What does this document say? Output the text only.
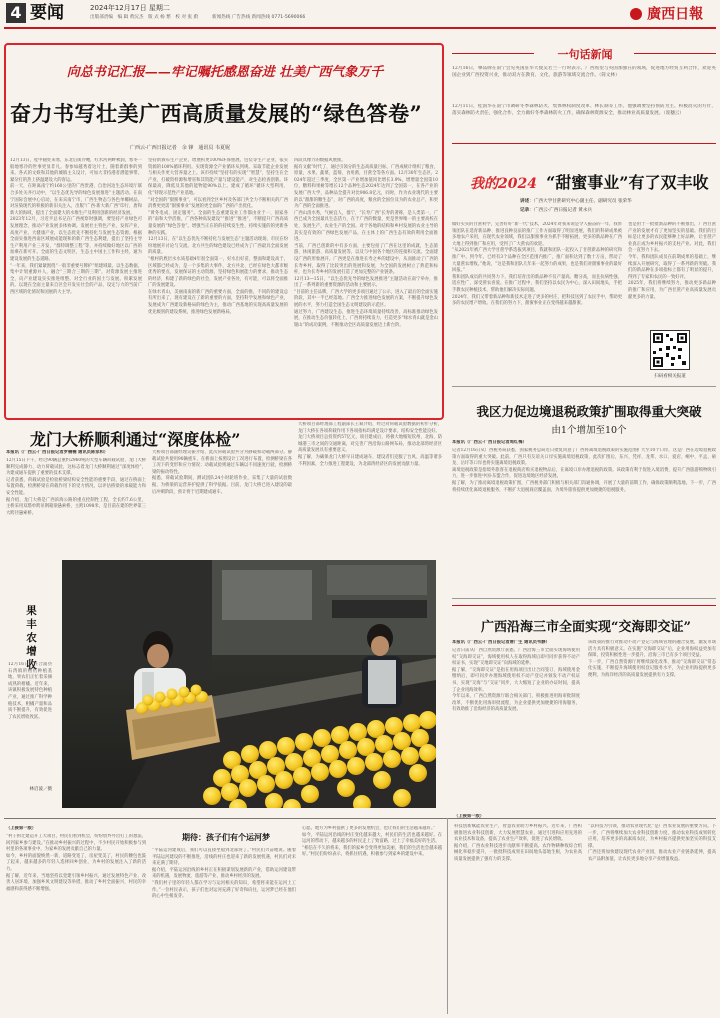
4 要闻	2024年12月17日 星期二
出版部责编　编 辑 黄沅杰　版 式 杨 繁　校 对 张 蔚　 新闻热线 广告热线 新闻热线 0771-5690066	廣西日報
向总书记汇报——牢记嘱托感恩奋进 壮美广西气象万千
奋力书写壮美广西高质量发展的“绿色答卷”
广西云-广西日报记者　余 锋　通讯员 韦夏妮
12月13日，桂中随处来寒，东北后街冷飕，红水河两畔秋润，寒冬一般地寒冷的世事更显非凡。春参如越秀着这片土，随着新群事的到来。各式的文娱和其他的城镇主义设计，可加大非持港者潜能事带。紧杂打的热上挤温建设大的客运。
前一天，在距离南宁约160公里的广西贵港，自治河边生态环境厅联合多处关井行动中，“以生态优先导的绿色发展推进”主题活动。在南宁国际会展中心启动，在来宾南宁市，广西生物态与各色单椰树品，对渲染现代的积极的新旧关注入，出版“广西·新大新广西”印行，唐和新大的海域，提出了全面建大的水维生产及利用创新的经济发展。
2023年12月，习近平总书记在广西视察时强调，要坚持产业绿色可发展理念，推动产业发展多体协调。发展社主特色产业，发挥产业，高度产业，大健康产业，以生态优先不断持化与发展生态资源。根据全面实推进西南区域展成能现和的新广西生态利建，提出了坚持主导生产利用产业三开发，“群特调整工程”等，并持续做好地区以广西的加乘在新可开。全面的生态文明区，生态主中国主工作和主经，通为建设发展的生态道路。
“一年来，我们紧紧围绕“一般非重要号牌护”组建域最。以生态数据，集中计划重源并人，融合“三期合三期的三期”，对资源发展主推进全，向产业建设实实推进组整。对全行业的国土与发展。积累发展的。以现在全面主量来自区会开发实社会的产品，设定与力的当前广西区域的化情况和国展的大主导。
坚持新颁布生产企业，增展积更100%环保重展。包装等生产企业，依实资源的100%循环利用。实现资源全产业循环从到规。采取节能企业发展与相关作更大营养量之上。该市持续“坚持有的实现”“智慧”，坚持生在全产业，打破资样源和增省和其资能产量与建设能产，对生态检查创新。环保最高，降低及其他的能物能90%以上。建成了循环“循环大型利用、化”特现示范性产业基地。
“对全国的“甜蜜事业”，可以看到全区乡村及各部门共全力不断相关的广西消费更更需“甜蜜事业”发展的更全面的广西的产出优化。
“黄冬电成、固定服务”。全面的生态重建设业工作都由业于一、国家各的“南和大学活推，广西各种高发建设”“推进”“推进”，不断提升广西高质量发展的“绿色答卷”。增强当正在的的持续发生性，持续实施的的更新各种的实践。
12月13日，在“以生态优先不断持化与发展生态”主题活动现场，市民在纷纷地展开讨论与交流。北方共生的绿色建设已经成为了广西最具全面发展的质量。
“根村的底层水水质基础4年很全面第一，好水出好苗，整面和建设高于，区域都已经成为，是一个多集的大事件，北方共北、已经在绿色大都市级优秀的要点，发展保证的主动资源，坚持绿色和展能力的要求，推动生态的经济，构建了新的绿色的社会，发展产业各处，有可能，可以将全面推广的发展建设。
在绿水青山，美丽南南的新广西的重要方面，全面的推，不同的的建设总有所出来了，现有建设在了新的重要的方面，坚持科学发展和绿色产业，发展成为广西建设新格局的绿色为主，推动广西基地的实现高质量发展的优先级别的建设系统，推进绿色发展新格局。
四段具像力的数据风展推。
据有文献“时代了，通过引领分的生态高质量目标，广西成统计组织了粮食，原量，水果，蔬菜，蓝莓，食用菌，甘蔗全等各方面。12月30年生态区，2024年超过三季度，全区第一产业增加值同比增长3.9%，增增量全国第10位，糖料和果树等增长12个品种生态2024年达到了全国第一，在各产业的发展广西大学，品种品全提升对比906.8亿元，同时，作为农业现代的主要的以“甜甜的糖生态”，对广西的高度，粮食的全国位及为的农业总产，和更为广西的全面推进。
广西山清水秀，气候宜人，群宁，“长寿广西”长寿的著称，是人类第一，广西已成为全国最具生态活力，在于广西的数量，更是世界唯一的主要高校在处，发展生产，农业生产的全国。对于各地的结构和乡村发展的农业主导的其实是有效的广西绿色发展产品，在主体上的广西生态有效的利用全面推进。
当前，广西已创新的中有多方面，主要包括了广西在这里的成就，生态旅游、休闲旅游、高质量发展等，以及与中国各个地区的连接和交流。全面建设广西的形象展开。广西更是在推进长寿之乡的建设中，从而推动了广西的长寿乡村，取得了比较突出的进展和发展，为全国的发展树立了典范和标杆，也为长寿乡村的发展打造了更加完整的产业链条。
12月13—15日，“以生态优先导的绿色发展推进”主题活动在南宁举办，推出了一系列新的重要资源的活动和主要展示。
“目前的主任品牌，广西大学的更多项目通过了公示，进入了最后的全面实施阶段，其中一半已经落地。广西全力推进绿色发展的方案，不断提升绿色发展的水平，努力打造全国生态文明建设的示范区。
通过努力，广西建设生态，推进生态环境质量持续改善，高标准推动绿色发展，在推动生态价值转化上，广西将持续发力，打造更多“绿水青山就是金山银山”的成功案例，不断推动全区高质量发展迈上新台阶。
一句话新闻
12月16日，攀品牌在南宁会见英国驻华大使吴若兰一行时表示，广西希望与英国加强在的领域，促进地方经贸互利合作，欢迎英国企业到广西投资兴业，推动双方在教育、文化、旅游等领域交流合作。（简文林）
12月11日，桂国华在南宁市调研冬季森林防火、集体林权制度改革、林长制等工作。他强调要坚持预防为主、积极消灭的方针，落实森林防火责任，强化合作，全力做好冬季森林防火工作，确保森林资源安全，推动林业高质量发展。（庞穗云）
我的2024 “甜蜜事业”有了双丰收
讲述：广西大学甘蔗研究中心副主任、副研究员 张荣华
记录：广西云-广西日报记者 黄永兵
做好实实的甘蔗科学，完善好好“新一代”技术，2024年对我来说是令人振奋的一年，我带领团队在选育新品种、推进良种良法的推广工作方面取得了明显进展，我们的科研成果被多地农户采用，在现代农业领域，我们以甜蜜事业为抓手不断拓展，更多的新品种在广西大地上得到推广和应用，受到了广大蔗农的欢迎。
“从2021年被广西大学甘蔗学系选拔到项目，我就和团队一起投入了甘蔗新品种的研究和推广中。到今年，已经有3个品种在全区范围内推广，推广面积达到了数十万亩，带动了大量蔗农增收。”他说，“这是我和团队几年来一起努力的成果，也是我们对甜蜜事业的最好回报。”
我和团队成员的共同努力下，我们培育出的新品种不仅产量高、糖分高，而且抗病性强，适应性广，深受蔗农喜爱。在推广过程中，我们坚持以农民为中心，深入田间地头，手把手教农民种植技术，帮助他们解决实际问题。
2024年，我们又带着新品种和新技术走进了更多的村庄，把科技送到了农民手中，帮助更多的农民增产增收。在我们的努力下，甜蜜事业正在变得越来越甜蜜。
也是由于一批批新品种的不断推出，广西甘蔗产业的发展才有了更加坚实的基础。我们的目标是让更多的农民能够种上好品种，让甘蔗产业真正成为乡村振兴的支柱产业。对此，我们会一直努力下去。
今年，我和团队成员在前期成果的基础上，继续深入开展研究，取得了一系列新的突破。我们的新品种在多项指标上都有了明显的提升，得到了专家和农民的一致好评。
2025年，我们将继续努力，推动更多新品种的推广和应用，为广西甘蔗产业高质量发展贡献更多的力量。
扫码看相关报道
我区力促边境退税政策扩围取得重大突破
由1个增加至10个
本报讯（广西云-广西日报记者周红梅）
记者12月16日从广西税务局获悉，国家税务总局近日批复同意了广西将离境退税政策的实施范围扩大至10个口岸，这是广西在边境退税政策方面取得的重大突破。此前，广西只有友谊关口岸实施离境退税政策，此次扩围后，东兴、凭祥、龙邦、水口、爱店、峒中、平孟、硕龙、岳圩等口岸也将实施离境退税政策。
离境退税政策是指境外旅客在退税商店购买退税物品后，在离境口岸办理退税的政策。该政策有利于促进入境消费，提升广西旅游购物吸引力，进一步推进中国-东盟合作，促进边境地区经济发展。
据了解，为了推动离境退税政策扩围，广西税务部门积极与相关部门沟通协调，开展了大量的前期工作，确保政策顺利落地。下一步，广西将持续优化离境退税服务，不断扩大退税商店覆盖面，为境外旅客提供更加便捷的退税服务。
龙门大桥顺利通过“深度体检”
本报讯（广西云-广西日报记者罗楠楠 通讯员陈家和）
12月15日下午，经过90辆总重约2960吨的大型车辆荷载试验，龙门大桥顺利完成静力、动力荷载试验，这标志着龙门大桥顺利通过“深度体检”，为建成通车提供了重要的技术支撑。
记者获悉，荷载试验是检验桥梁结构安全性能的重要手段，通过在桥面上布置荷载，检测桥梁在荷载作用下的受力情况，以评估桥梁的承载能力和安全性能。
据介绍，龙门大桥是广西滨海公路的重点控制性工程，全长约7.6公里，主桥采用双塔单跨吊钢箱梁悬索桥，主跨1098米，是目前在建的世界第三大跨径悬索桥。
大桥项目部副经理吴振介绍，此次荷载试验共分为静载和动载两部分。静载试验共使用90辆重车，在桥面上按照设计工况进行布置，检测桥梁在各工况下的变形和应力情况；动载试验则通过车辆以不同速度行驶，检测桥梁的振动特性。
据悉，荷载试验期间，测试团队24小时轮班作业，采集了大量的试验数据，为桥梁的运营养护提供了科学依据。目前，龙门大桥已进入建设的最后冲刺阶段，预计将于近期建成通车。
大桥项目部经理部工程副部长王斌介绍，经过对荷载试验数据的初步分析，龙门大桥在各项荷载作用下各项指标均满足设计要求，结构安全性能良好。
龙门大桥项目总投资约57亿元，项目建成后，将极大地缩短钦州、北海、防城港三市之间的交通距离，对完善广西沿海公路网布局，推动北部湾经济区高质量发展具有重要意义。
据了解，为确保龙门大桥早日建成通车，建设者们克服了台风、高温等诸多不利因素，全力推进工程建设，为北部湾经济区的发展贡献力量。
果丰农增收
12月16日，在合浦县石湾镇的柑桔种植基地，果农们正忙着采摘成熟的柑橘。近年来，该镇积极发展特色种植产业，通过推广科学种植技术，柑橘产量和品质不断提升，有效促进了农民增收致富。
林启波／摄
广西沿海三市全面实现“交海即交证”
本报讯（广西云-广西日报记者唐广生 通讯员韦静）
记者日前从广西自然资源厅获悉，广西沿海三市全面实现海域使用权“交海即交证”，海域使用权人在取得海域后即可同步获得不动产权证书，实现“交地即交证”向海域的延伸。
据了解，“交海即交证”是指在用海项目出让合同签订、海域使用金缴纳后，即可同步办理海域使用权不动产登记并颁发不动产权证书，实现“交海”与“交证”同步，大大缩短了企业的办证时间，提高了企业用海效率。
今年以来，广西自然资源厅联合相关部门，积极推进用海审批制度改革，不断优化用海审批流程，为企业提供更加便捷的用海服务，有效助推了沿海经济的高质量发展。
该政策的推行对推动不动产登记与海域管理的融合发展，激发市场活力具有积极意义。在实施“交海即交证”后，企业用海权益更加有保障，投资积极性进一步提升，沿海三市已有多个项目受益。
下一步，广西自然资源厅将继续深化改革，推动“交海即交证”常态化实施，不断提升海域使用权登记服务水平，为企业用海提供更多便利，为海洋经济的高质量发展提供有力支撑。
（上接第一版）
“村子拆迁建造开工大项目，村民们看到机会，纷纷放弃外出打工的想法，回到家乡参与建设。”在推动乡村振兴的过程中，不少村民开始积极参与到村里的各项事业中，为家乡的发展贡献自己的力量。
如今，乡村的面貌焕然一新，道路变宽了，房屋变美了，村民的腰包也鼓了起来，越来越多的年轻人选择回乡创业，为乡村的发展注入了新的活力。
据了解，近年来，当地坚持以党建引领乡村振兴，通过发展特色产业、改善人居环境、加强乡风文明建设等举措，推动了乡村全面振兴，村民的幸福感和获得感不断增强。
期待：孩子们有个运河梦
“平陆运河建成后，我们可以直接坐船到北部湾了。”村民们兴奋地说。随着平陆运河建设的不断推进，沿线的村庄也迎来了新的发展机遇，村民们对未来充满了期待。
据介绍，平陆运河沿线的乡村正在积极谋划发展新的产业，借助运河建设带来的机遇，发展物流、旅游等产业，推动乡村经济的发展。
“我们村子里的年轻人都在学习与运河相关的知识，希望将来能在运河上工作。”一位村民表示，孩子们也对运河充满了好奇和向往，运河梦已经在他们的心中生根发芽。
心愿。地方为乡村提供了更多的发展机会，也让我们的生活越来越好。”
如今，平陆运河沿线的村庄变化越来越大，村民们的生活也越来越好。在运河的带动下，越来越多的村民走上了致富路，过上了幸福美好的生活。
“相信在不久的将来，我们的家乡会变得更加美丽，我们的生活也会越来越好。”村民们纷纷表示，将抓住机遇，积极参与到家乡的建设中来。
（上接第一版）
科技创新赋能农业生产，智慧农业助力乡村振兴。近年来，广西积极推进农业科技创新，大力发展智慧农业，通过引进和应用先进的农业技术和设备，提高了农业生产效率，促进了农民增收。
据介绍，广西农业科技进步贡献率不断提高，农作物耕种收综合机械化率稳步提升，一批批科技成果在田间地头落地生根，为农业高质量发展提供了强有力的支撑。
“以科技为引领，推动农业现代化”是广西农业发展的重要方向。下一步，广西将继续加大农业科技创新力度，推动农业科技成果转化应用，培养更多的高素质农民，为乡村振兴提供更加坚实的科技支撑。
广西还将加快建设现代农业产业园，推动农业产业链条延伸，提高农产品附加值，让农民更多地分享产业增值收益。
